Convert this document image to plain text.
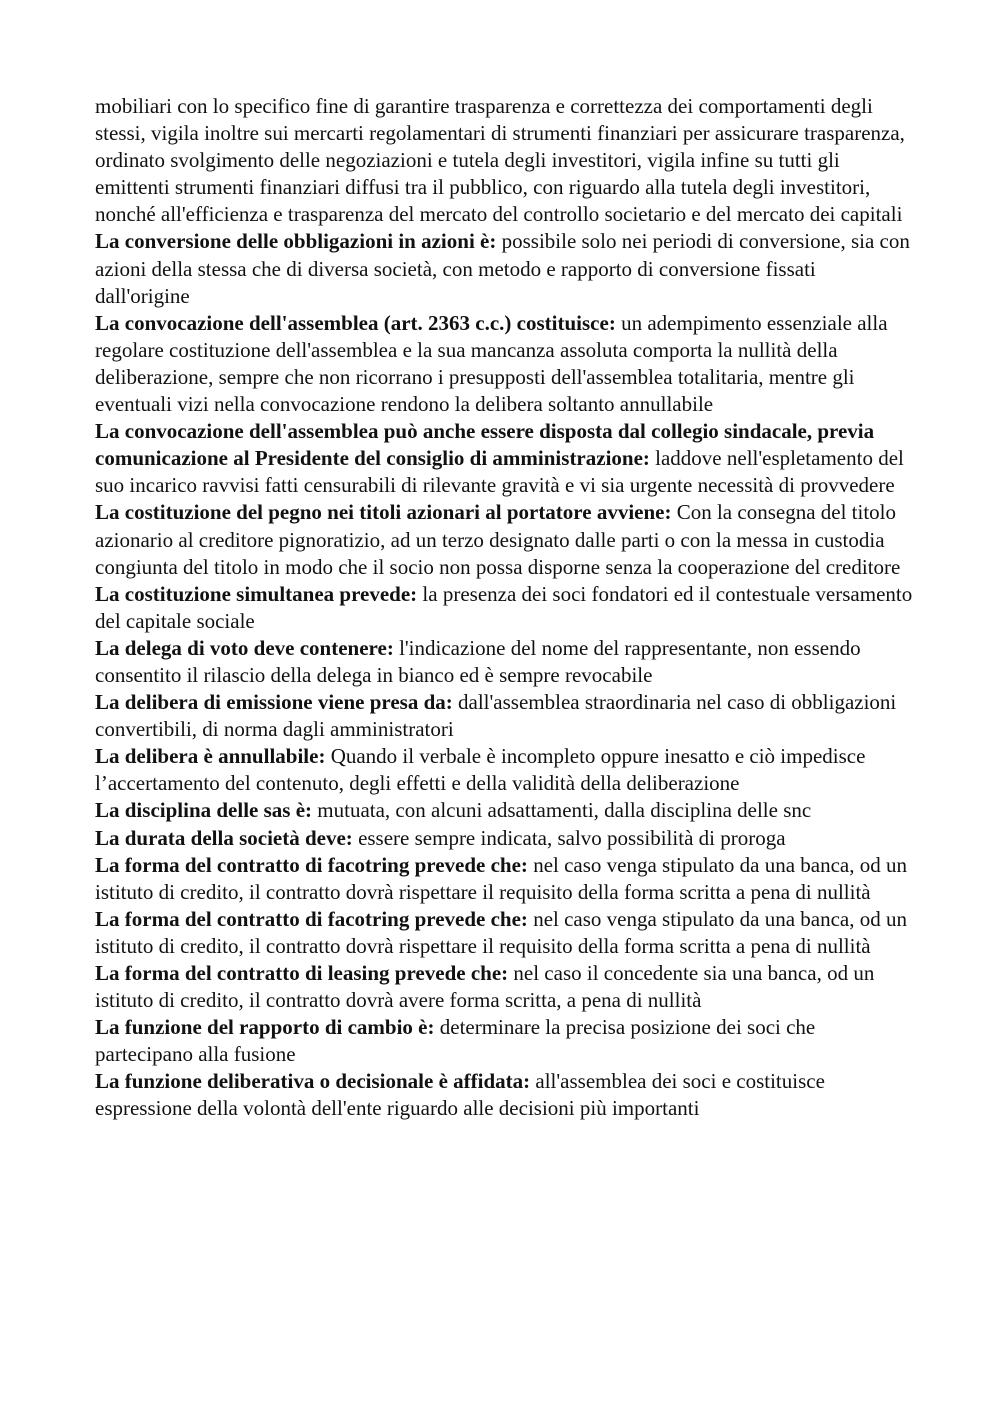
mobiliari con lo specifico fine di garantire trasparenza e correttezza dei comportamenti degli stessi, vigila inoltre sui mercarti regolamentari di strumenti finanziari per assicurare trasparenza, ordinato svolgimento delle negoziazioni e tutela degli investitori, vigila infine su tutti gli emittenti strumenti finanziari diffusi tra il pubblico, con riguardo alla tutela degli investitori, nonché all'efficienza e trasparenza del mercato del controllo societario e del mercato dei capitali

La conversione delle obbligazioni in azioni è: possibile solo nei periodi di conversione, sia con azioni della stessa che di diversa società, con metodo e rapporto di conversione fissati dall'origine

La convocazione dell'assemblea (art. 2363 c.c.) costituisce: un adempimento essenziale alla regolare costituzione dell'assemblea e la sua mancanza assoluta comporta la nullità della deliberazione, sempre che non ricorrano i presupposti dell'assemblea totalitaria, mentre gli eventuali vizi nella convocazione rendono la delibera soltanto annullabile

La convocazione dell'assemblea può anche essere disposta dal collegio sindacale, previa comunicazione al Presidente del consiglio di amministrazione: laddove nell'espletamento del suo incarico ravvisi fatti censurabili di rilevante gravità e vi sia urgente necessità di provvedere

La costituzione del pegno nei titoli azionari al portatore avviene: Con la consegna del titolo azionario al creditore pignoratizio, ad un terzo designato dalle parti o con la messa in custodia congiunta del titolo in modo che il socio non possa disporne senza la cooperazione del creditore

La costituzione simultanea prevede: la presenza dei soci fondatori ed il contestuale versamento del capitale sociale

La delega di voto deve contenere: l'indicazione del nome del rappresentante, non essendo consentito il rilascio della delega in bianco ed è sempre revocabile

La delibera di emissione viene presa da: dall'assemblea straordinaria nel caso di obbligazioni convertibili, di norma dagli amministratori

La delibera è annullabile: Quando il verbale è incompleto oppure inesatto e ciò impedisce l’accertamento del contenuto, degli effetti e della validità della deliberazione

La disciplina delle sas è: mutuata, con alcuni adsattamenti, dalla disciplina delle snc

La durata della società deve: essere sempre indicata, salvo possibilità di proroga

La forma del contratto di facotring prevede che: nel caso venga stipulato da una banca, od un istituto di credito, il contratto dovrà rispettare il requisito della forma scritta a pena di nullità

La forma del contratto di facotring prevede che: nel caso venga stipulato da una banca, od un istituto di credito, il contratto dovrà rispettare il requisito della forma scritta a pena di nullità

La forma del contratto di leasing prevede che: nel caso il concedente sia una banca, od un istituto di credito, il contratto dovrà avere forma scritta, a pena di nullità

La funzione del rapporto di cambio è: determinare la precisa posizione dei soci che partecipano alla fusione

La funzione deliberativa o decisionale è affidata: all'assemblea dei soci e costituisce espressione della volontà dell'ente riguardo alle decisioni più importanti
